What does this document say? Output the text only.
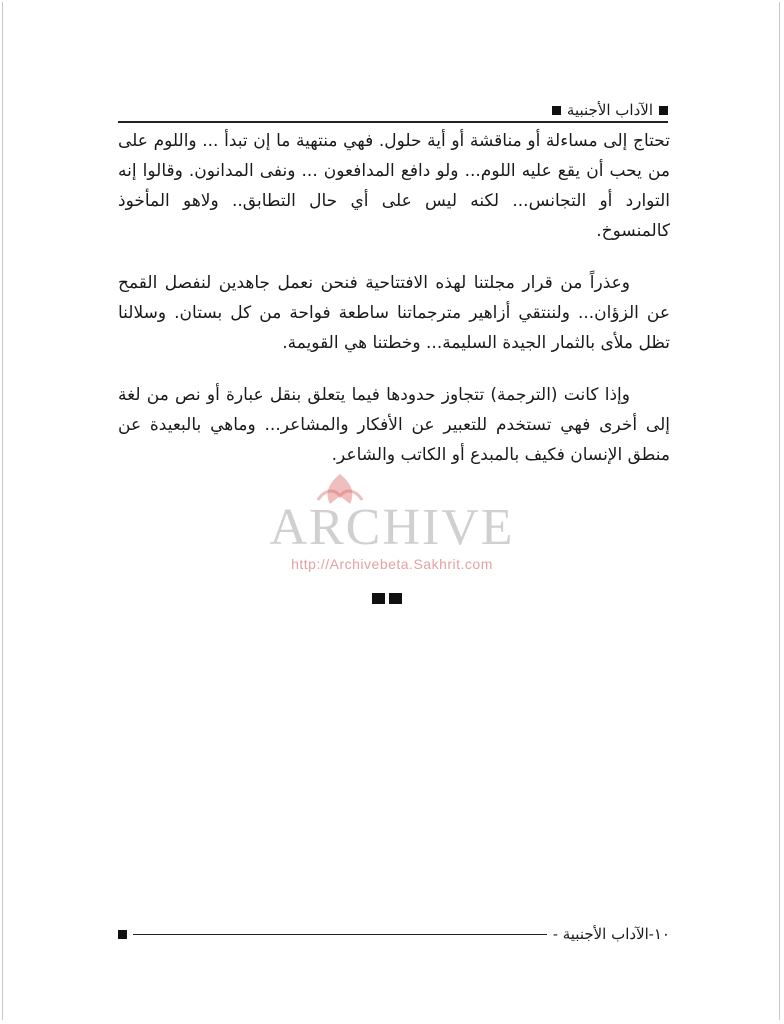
الآداب الأجنبية

تحتاج إلى مساءلة أو مناقشة أو أية حلول. فهي منتهية ما إن تبدأ ... واللوم على من يحب أن يقع عليه اللوم... ولو دافع المدافعون ... ونفى المدانون. وقالوا إنه التوارد أو التجانس... لكنه ليس على أي حال التطابق.. ولاهو المأخوذ كالمنسوخ.

وعذراً من قرار مجلتنا لهذه الافتتاحية فنحن نعمل جاهدين لنفصل القمح عن الزؤان... ولننتقي أزاهير مترجماتنا ساطعة فواحة من كل بستان. وسلالنا تظل ملأى بالثمار الجيدة السليمة... وخطتنا هي القويمة.

وإذا كانت (الترجمة) تتجاوز حدودها فيما يتعلق بنقل عبارة أو نص من لغة إلى أخرى فهي تستخدم للتعبير عن الأفكار والمشاعر... وماهي بالبعيدة عن منطق الإنسان فكيف بالمبدع أو الكاتب والشاعر.

ARCHIVE
http://Archivebeta.Sakhrit.com
١٠
-الآداب الأجنبية -
